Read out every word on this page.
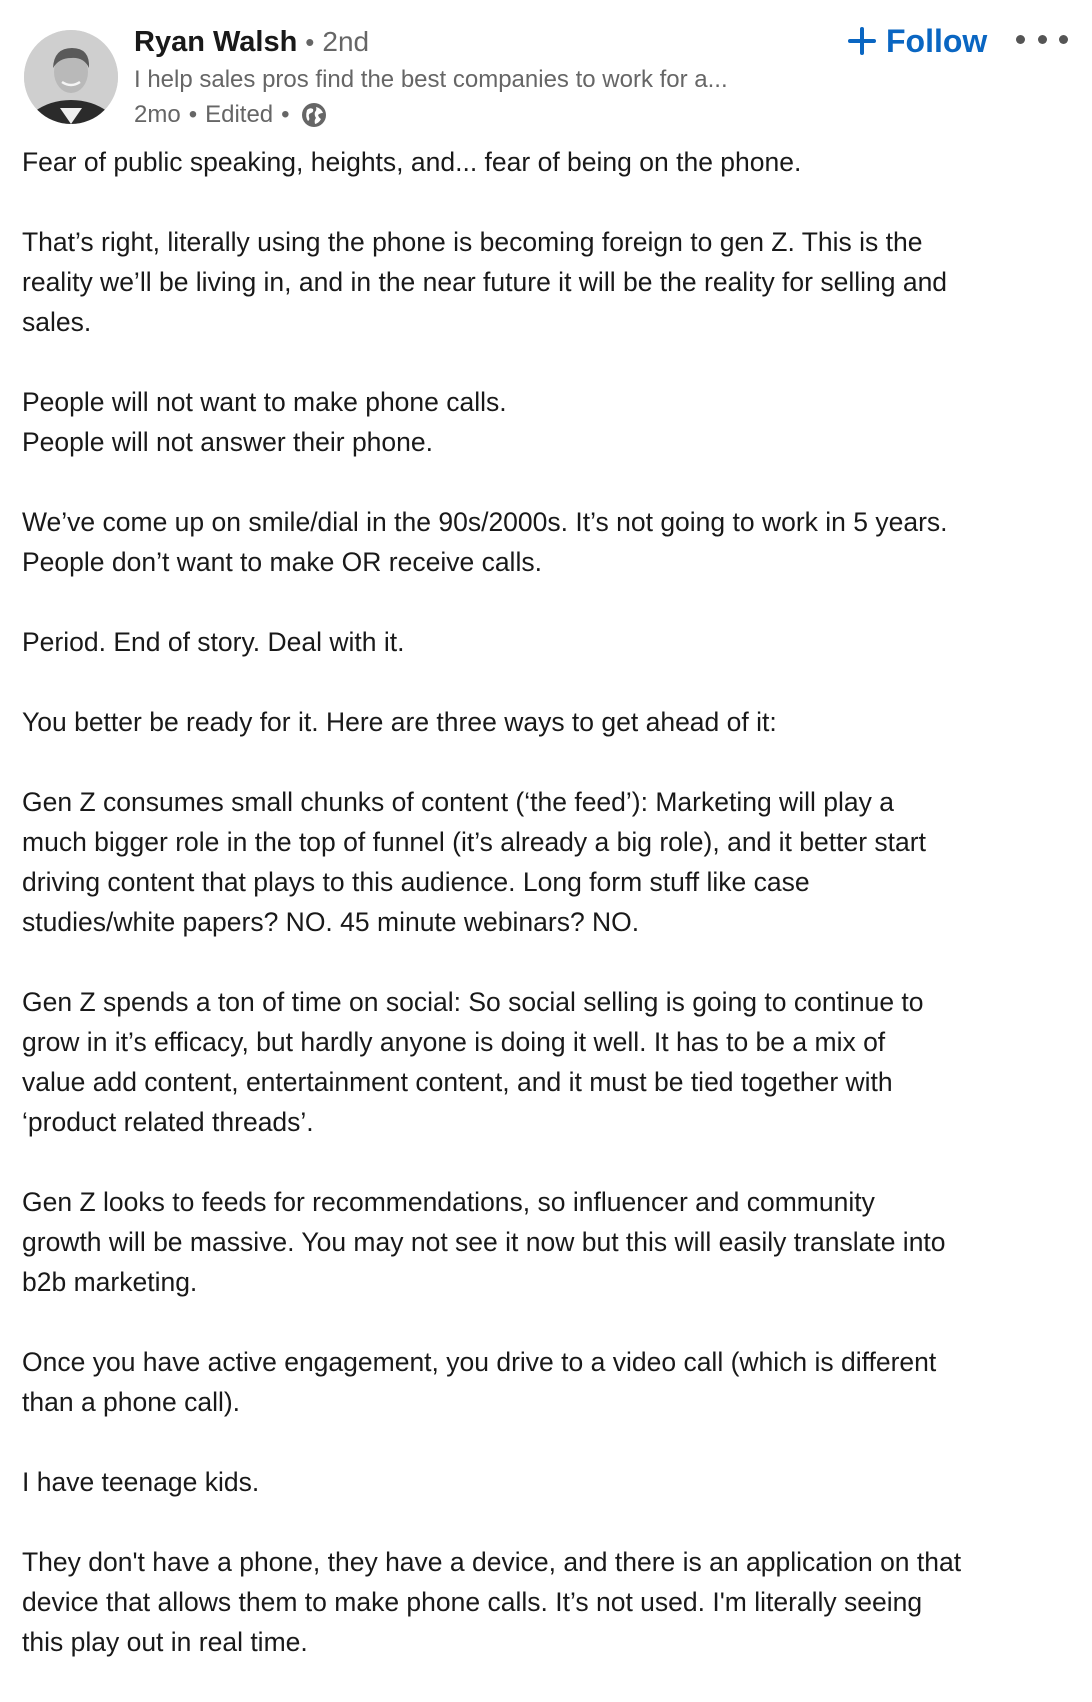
Ryan Walsh • 2nd
I help sales pros find the best companies to work for a...
2mo • Edited •
Follow
Fear of public speaking, heights, and... fear of being on the phone.
That’s right, literally using the phone is becoming foreign to gen Z. This is the
reality we’ll be living in, and in the near future it will be the reality for selling and
sales.
People will not want to make phone calls.
People will not answer their phone.
We’ve come up on smile/dial in the 90s/2000s. It’s not going to work in 5 years.
People don’t want to make OR receive calls.
Period. End of story. Deal with it.
You better be ready for it. Here are three ways to get ahead of it:
Gen Z consumes small chunks of content (‘the feed’): Marketing will play a
much bigger role in the top of funnel (it’s already a big role), and it better start
driving content that plays to this audience. Long form stuff like case
studies/white papers? NO. 45 minute webinars? NO.
Gen Z spends a ton of time on social: So social selling is going to continue to
grow in it’s efficacy, but hardly anyone is doing it well. It has to be a mix of
value add content, entertainment content, and it must be tied together with
‘product related threads’.
Gen Z looks to feeds for recommendations, so influencer and community
growth will be massive. You may not see it now but this will easily translate into
b2b marketing.
Once you have active engagement, you drive to a video call (which is different
than a phone call).
I have teenage kids.
They don't have a phone, they have a device, and there is an application on that
device that allows them to make phone calls. It’s not used. I'm literally seeing
this play out in real time.
